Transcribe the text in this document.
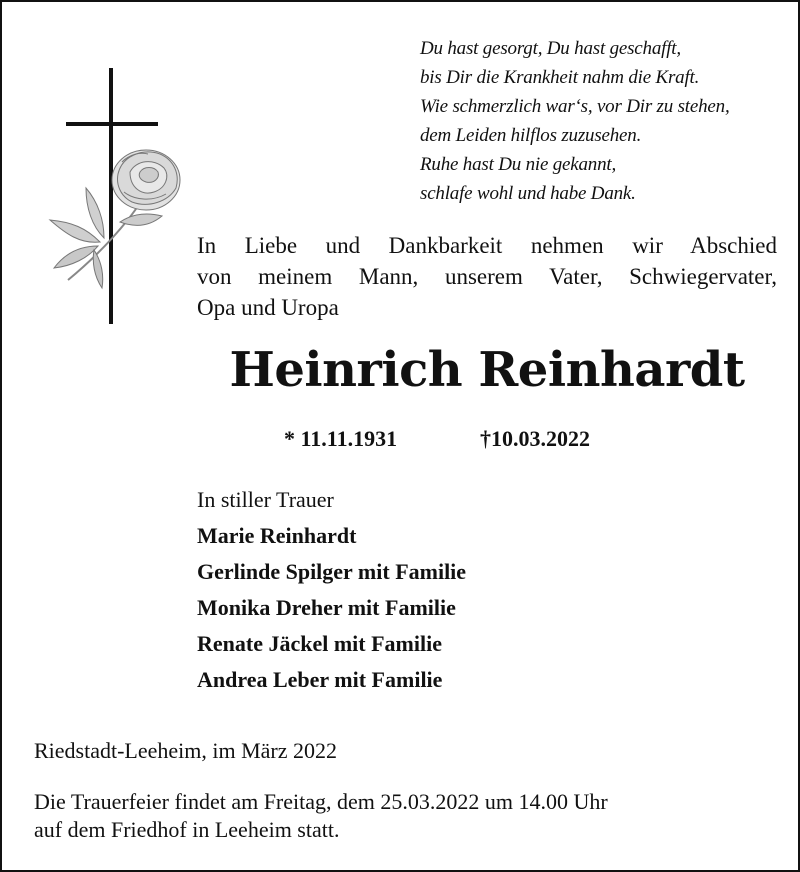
Du hast gesorgt, Du hast geschafft,
bis Dir die Krankheit nahm die Kraft.
Wie schmerzlich war‘s, vor Dir zu stehen,
dem Leiden hilflos zuzusehen.
Ruhe hast Du nie gekannt,
schlafe wohl und habe Dank.
In Liebe und Dankbarkeit nehmen wir Abschied
von meinem Mann, unserem Vater, Schwiegervater,
Opa und Uropa
Heinrich Reinhardt
* 11.11.1931	†10.03.2022
In stiller Trauer
Marie Reinhardt
Gerlinde Spilger mit Familie
Monika Dreher mit Familie
Renate Jäckel mit Familie
Andrea Leber mit Familie
Riedstadt-Leeheim, im März 2022
Die Trauerfeier findet am Freitag, dem 25.03.2022 um 14.00 Uhr
auf dem Friedhof in Leeheim statt.
